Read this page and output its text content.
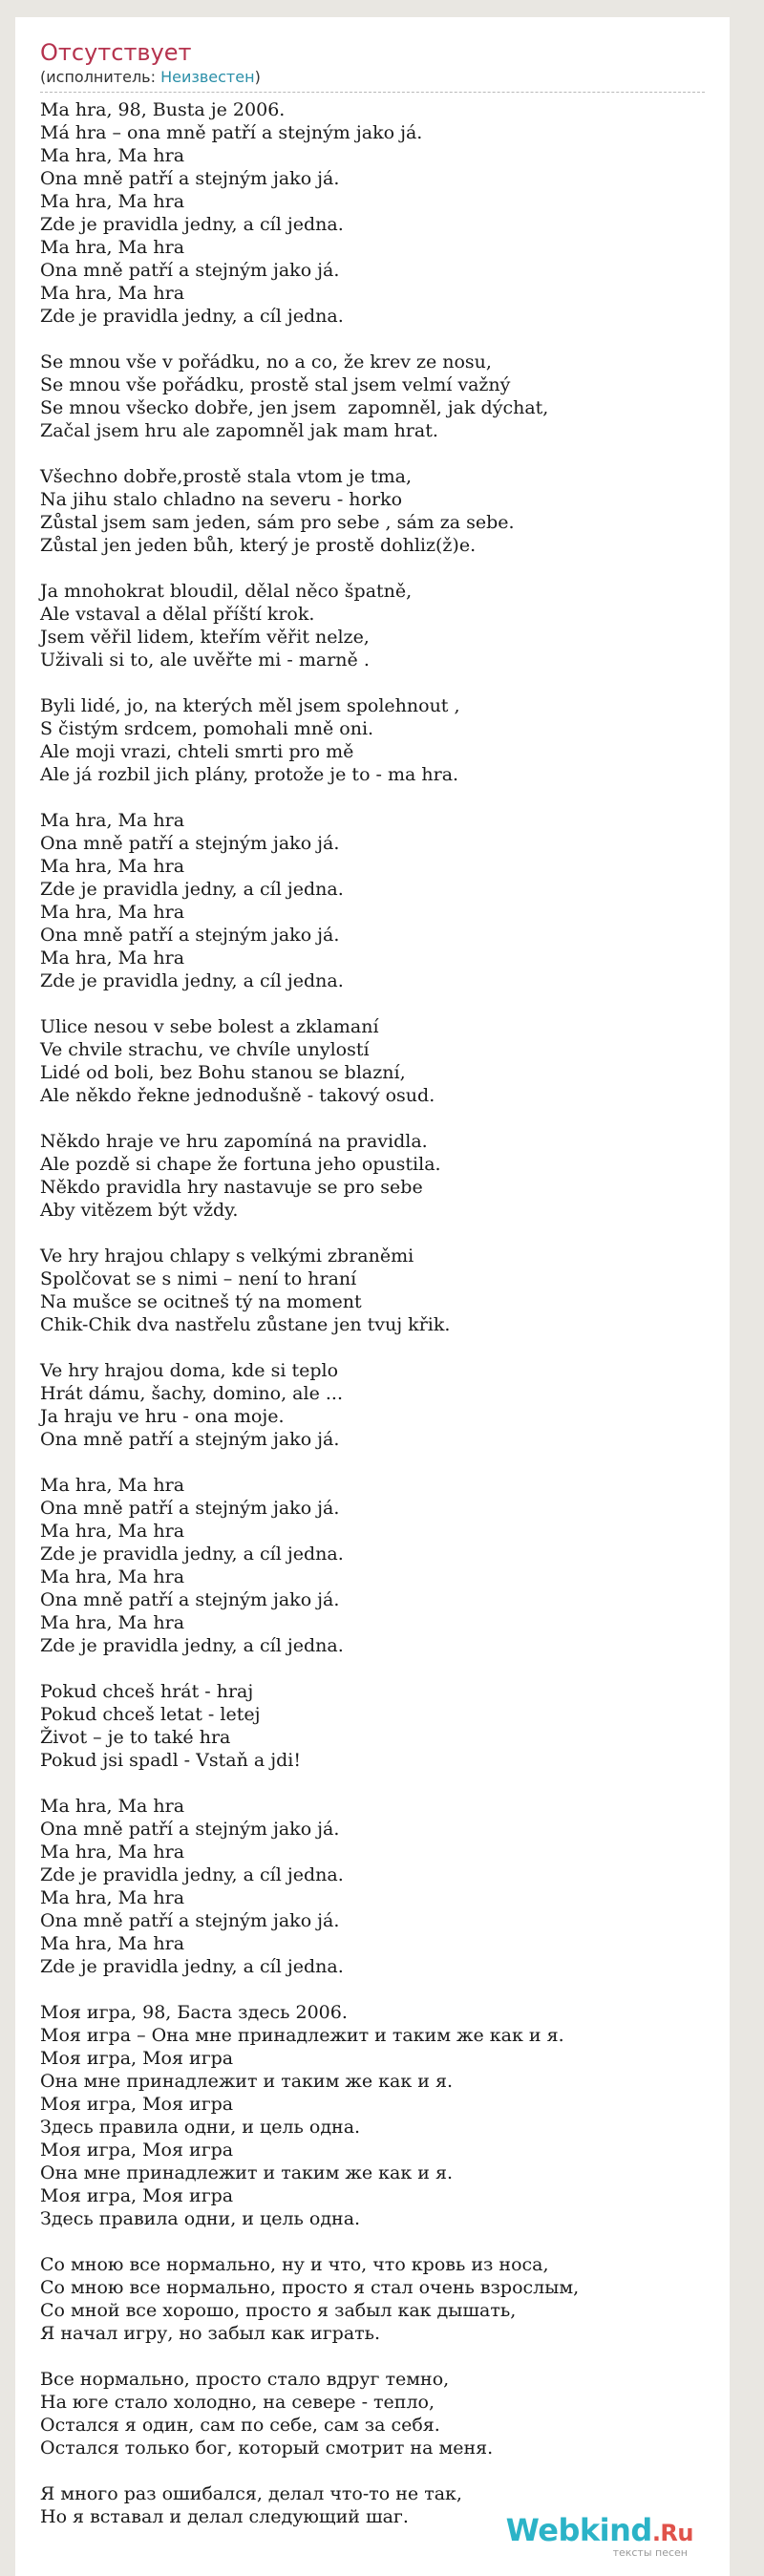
Отсутствует
(исполнитель: Неизвестен)
Ma hra, 98, Busta je 2006.
Má hra – ona mně patří a stejným jako já.
Ma hra, Ma hra
Ona mně patří a stejným jako já.
Ma hra, Ma hra
Zde je pravidla jedny, a cíl jedna.
Ma hra, Ma hra
Ona mně patří a stejným jako já.
Ma hra, Ma hra
Zde je pravidla jedny, a cíl jedna.
Se mnou vše v pořádku, no a co, že krev ze nosu,
Se mnou vše pořádku, prostě stal jsem velmí važný
Se mnou všecko dobře, jen jsem  zapomněl, jak dýchat,
Začal jsem hru ale zapomněl jak mam hrat.
Všechno dobře,prostě stala vtom je tma,
Na jihu stalo chladno na severu - horko
Zůstal jsem sam jeden, sám pro sebe , sám za sebe.
Zůstal jen jeden bůh, který je prostě dohliz(ž)e.
Ja mnohokrat bloudil, dělal něco špatně,
Ale vstaval a dělal příští krok.
Jsem věřil lidem, kteřím věřit nelze,
Uživali si to, ale uvěřte mi - marně .
Byli lidé, jo, na kterých měl jsem spolehnout ,
S čistým srdcem, pomohali mně oni.
Ale moji vrazi, chteli smrti pro mě
Ale já rozbil jich plány, protože je to - ma hra.
Ma hra, Ma hra
Ona mně patří a stejným jako já.
Ma hra, Ma hra
Zde je pravidla jedny, a cíl jedna.
Ma hra, Ma hra
Ona mně patří a stejným jako já.
Ma hra, Ma hra
Zde je pravidla jedny, a cíl jedna.
Ulice nesou v sebe bolest a zklamaní
Ve chvile strachu, ve chvíle unylostí
Lidé od boli, bez Bohu stanou se blazní,
Ale někdo řekne jednodušně - takový osud.
Někdo hraje ve hru zapomíná na pravidla.
Ale pozdě si chape že fortuna jeho opustila.
Někdo pravidla hry nastavuje se pro sebe
Aby vitězem být vždy.
Ve hry hrajou chlapy s velkými zbraněmi
Spolčovat se s nimi – není to hraní
Na mušce se ocitneš tý na moment
Chik-Chik dva nastřelu zůstane jen tvuj křik.
Ve hry hrajou doma, kde si teplo
Hrát dámu, šachy, domino, ale ...
Ja hraju ve hru - ona moje.
Ona mně patří a stejným jako já.
Ma hra, Ma hra
Ona mně patří a stejným jako já.
Ma hra, Ma hra
Zde je pravidla jedny, a cíl jedna.
Ma hra, Ma hra
Ona mně patří a stejným jako já.
Ma hra, Ma hra
Zde je pravidla jedny, a cíl jedna.
Pokud chceš hrát - hraj
Pokud chceš letat - letej
Život – je to také hra
Pokud jsi spadl - Vstaň a jdi!
Ma hra, Ma hra
Ona mně patří a stejným jako já.
Ma hra, Ma hra
Zde je pravidla jedny, a cíl jedna.
Ma hra, Ma hra
Ona mně patří a stejným jako já.
Ma hra, Ma hra
Zde je pravidla jedny, a cíl jedna.
Моя игра, 98, Баста здесь 2006.
Моя игра – Она мне принадлежит и таким же как и я.
Моя игра, Моя игра
Она мне принадлежит и таким же как и я.
Моя игра, Моя игра
Здесь правила одни, и цель одна.
Моя игра, Моя игра
Она мне принадлежит и таким же как и я.
Моя игра, Моя игра
Здесь правила одни, и цель одна.
Со мною все нормально, ну и что, что кровь из носа,
Со мною все нормально, просто я стал очень взрослым,
Со мной все хорошо, просто я забыл как дышать,
Я начал игру, но забыл как играть.
Все нормально, просто стало вдруг темно,
На юге стало холодно, на севере - тепло,
Остался я один, сам по себе, сам за себя.
Остался только бог, который смотрит на меня.
Я много раз ошибался, делал что-то не так,
Но я вставал и делал следующий шаг.	Webkind.Ru
тексты песен
